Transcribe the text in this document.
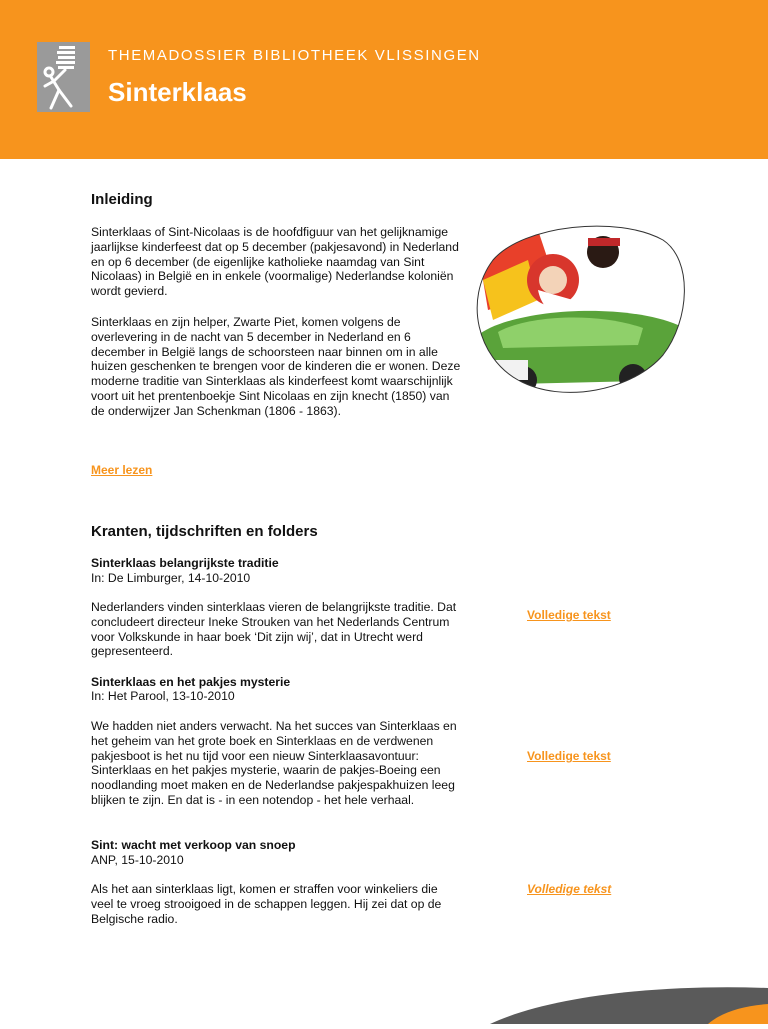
THEMADOSSIER BIBLIOTHEEK VLISSINGEN
Sinterklaas
Inleiding
Sinterklaas of Sint-Nicolaas is de hoofdfiguur van het gelijknamige jaarlijkse kinderfeest dat op 5 december (pakjesavond) in Nederland en op 6 december (de eigenlijke katholieke naamdag van Sint Nicolaas) in België en in enkele (voormalige) Nederlandse koloniën wordt gevierd.
Sinterklaas en zijn helper, Zwarte Piet, komen volgens de overlevering in de nacht van 5 december in Nederland en 6 december in België langs de schoorsteen naar binnen om in alle huizen geschenken te brengen voor de kinderen die er wonen. Deze moderne traditie van Sinterklaas als kinderfeest komt waarschijnlijk voort uit het prentenboekje Sint Nicolaas en zijn knecht (1850) van de onderwijzer Jan Schenkman (1806 - 1863).
Meer lezen
Kranten, tijdschriften en folders
Sinterklaas belangrijkste traditie
In: De Limburger, 14-10-2010
Nederlanders vinden sinterklaas vieren de belangrijkste traditie. Dat concludeert directeur Ineke Strouken van het Nederlands Centrum voor Volkskunde in haar boek ‘Dit zijn wij’, dat in Utrecht werd gepresenteerd.
Volledige tekst
Sinterklaas en het pakjes mysterie
In: Het Parool, 13-10-2010
We hadden niet anders verwacht. Na het succes van Sinterklaas en het geheim van het grote boek en Sinterklaas en de verdwenen pakjesboot is het nu tijd voor een nieuw Sinterklaasavontuur: Sinterklaas en het pakjes mysterie, waarin de pakjes-Boeing een noodlanding moet maken en de Nederlandse pakjespakhuizen leeg blijken te zijn. En dat is - in een notendop - het hele verhaal.
Volledige tekst
Sint: wacht met verkoop van snoep
ANP, 15-10-2010
Als het aan sinterklaas ligt, komen er straffen voor winkeliers die veel te vroeg strooigoed in de schappen leggen. Hij zei dat op de Belgische radio.
Volledige tekst
